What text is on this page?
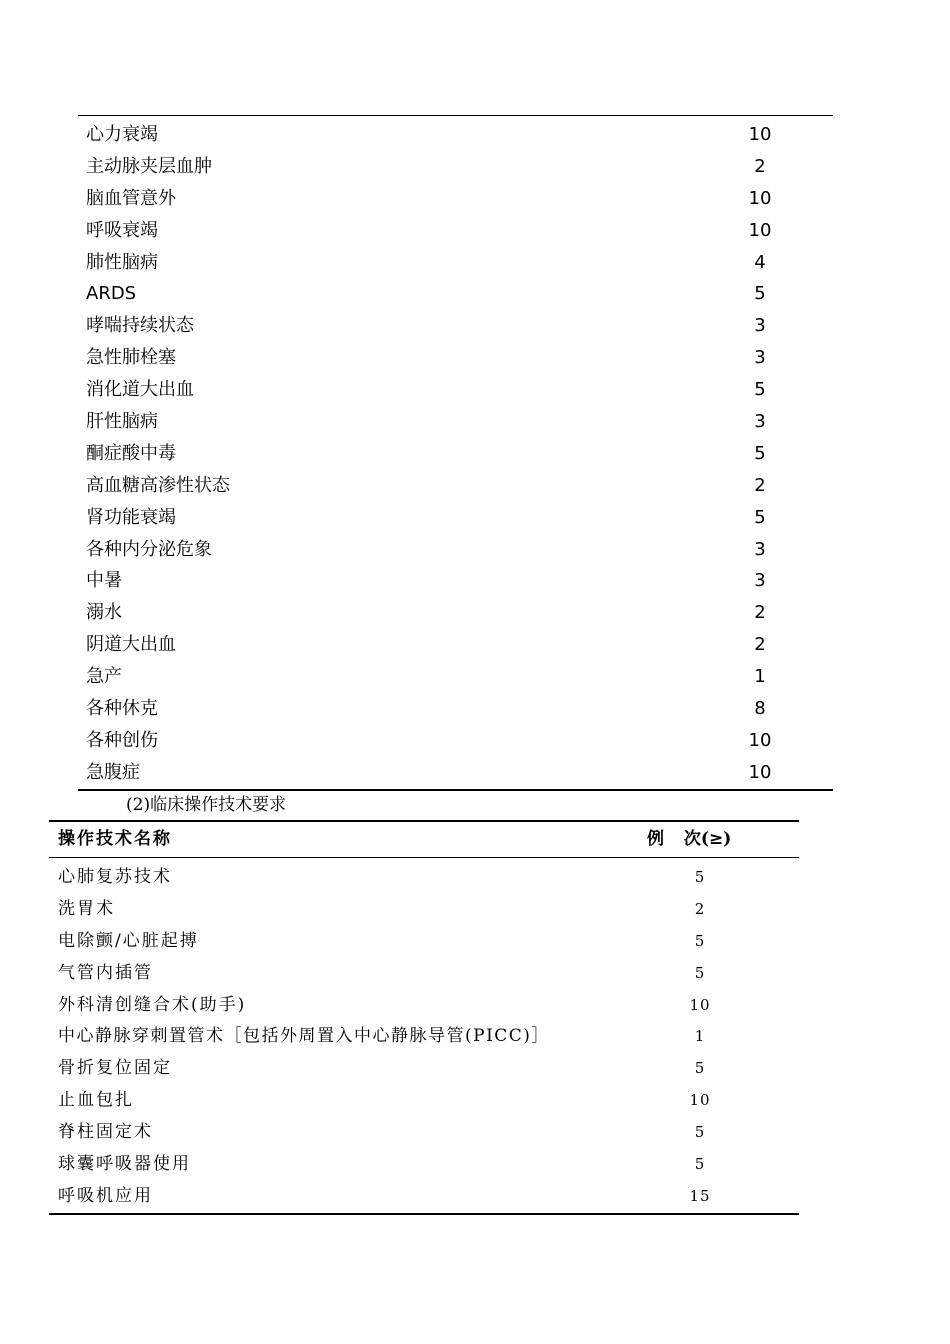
心力衰竭	10
主动脉夹层血肿	2
脑血管意外	10
呼吸衰竭	10
肺性脑病	4
ARDS	5
哮喘持续状态	3
急性肺栓塞	3
消化道大出血	5
肝性脑病	3
酮症酸中毒	5
高血糖高渗性状态	2
肾功能衰竭	5
各种内分泌危象	3
中暑	3
溺水	2
阴道大出血	2
急产	1
各种休克	8
各种创伤	10
急腹症	10
(2)临床操作技术要求
操作技术名称	例 次(≥)
心肺复苏技术	5
洗胃术	2
电除颤/心脏起搏	5
气管内插管	5
外科清创缝合术(助手)	10
中心静脉穿刺置管术［包括外周置入中心静脉导管(PICC)］	1
骨折复位固定	5
止血包扎	10
脊柱固定术	5
球囊呼吸器使用	5
呼吸机应用	15
